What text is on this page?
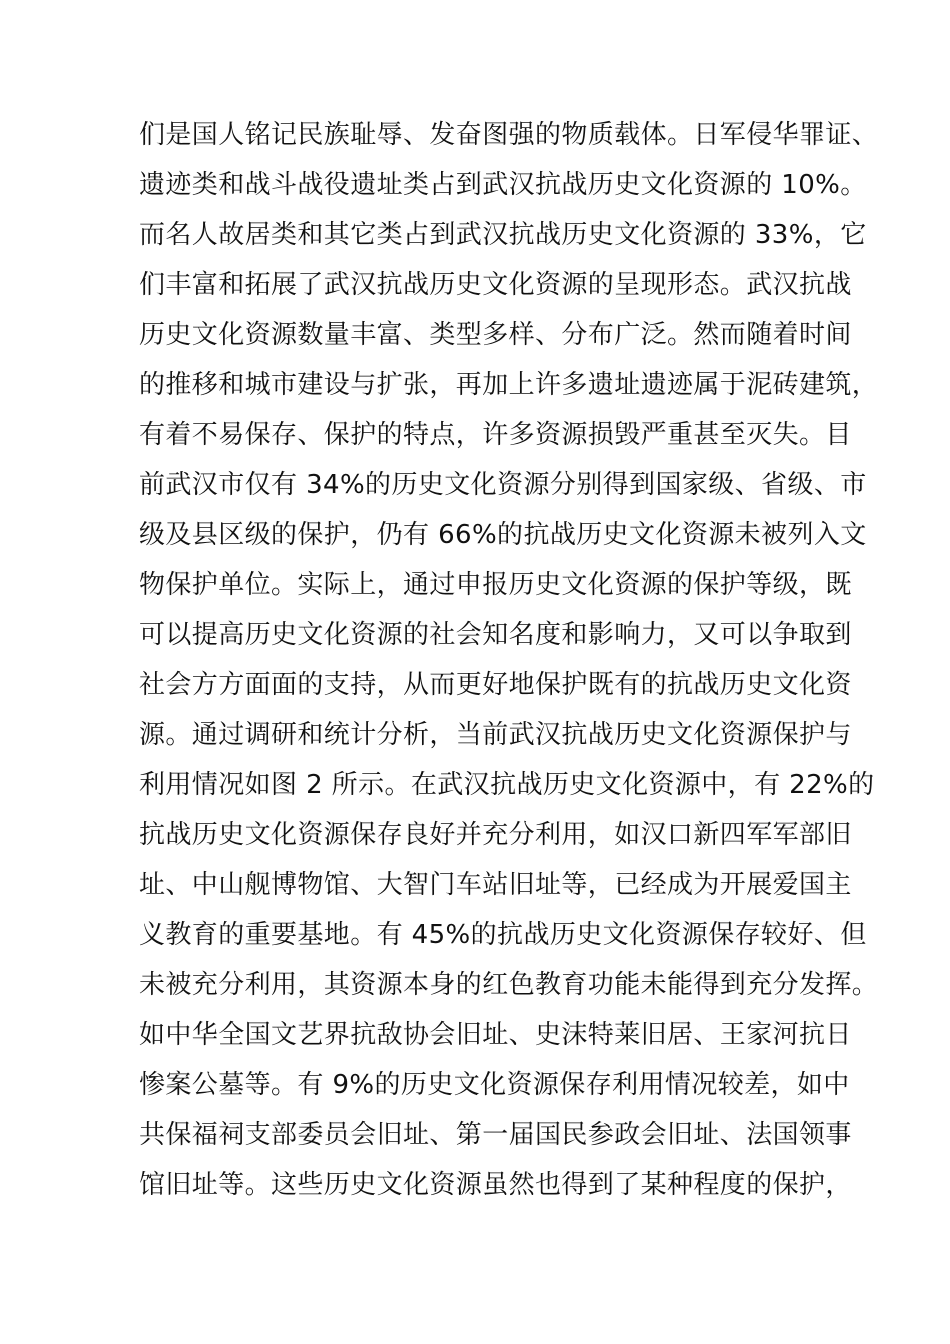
们是国人铭记民族耻辱、发奋图强的物质载体。日军侵华罪证、
遗迹类和战斗战役遗址类占到武汉抗战历史文化资源的 10%。
而名人故居类和其它类占到武汉抗战历史文化资源的 33%，它
们丰富和拓展了武汉抗战历史文化资源的呈现形态。武汉抗战
历史文化资源数量丰富、类型多样、分布广泛。然而随着时间
的推移和城市建设与扩张，再加上许多遗址遗迹属于泥砖建筑，
有着不易保存、保护的特点，许多资源损毁严重甚至灭失。目
前武汉市仅有 34%的历史文化资源分别得到国家级、省级、市
级及县区级的保护，仍有 66%的抗战历史文化资源未被列入文
物保护单位。实际上，通过申报历史文化资源的保护等级，既
可以提高历史文化资源的社会知名度和影响力，又可以争取到
社会方方面面的支持，从而更好地保护既有的抗战历史文化资
源。通过调研和统计分析，当前武汉抗战历史文化资源保护与
利用情况如图 2 所示。在武汉抗战历史文化资源中，有 22%的
抗战历史文化资源保存良好并充分利用，如汉口新四军军部旧
址、中山舰博物馆、大智门车站旧址等，已经成为开展爱国主
义教育的重要基地。有 45%的抗战历史文化资源保存较好、但
未被充分利用，其资源本身的红色教育功能未能得到充分发挥。
如中华全国文艺界抗敌协会旧址、史沫特莱旧居、王家河抗日
惨案公墓等。有 9%的历史文化资源保存利用情况较差，如中
共保福祠支部委员会旧址、第一届国民参政会旧址、法国领事
馆旧址等。这些历史文化资源虽然也得到了某种程度的保护，
